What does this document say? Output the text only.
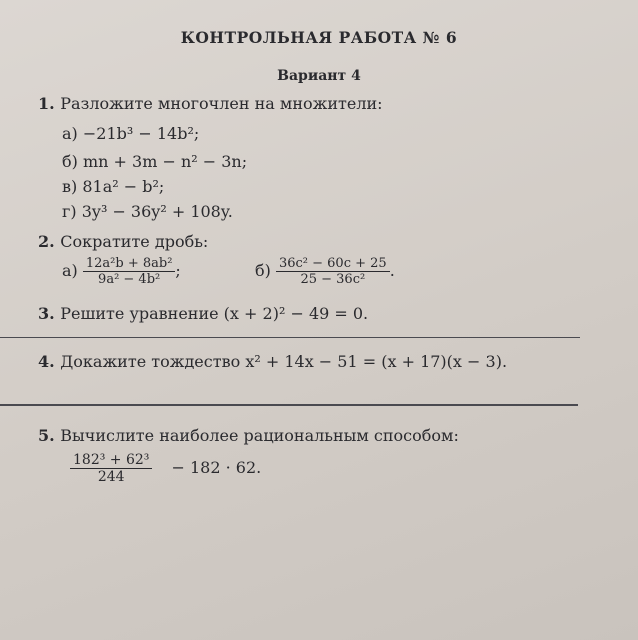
КОНТРОЛЬНАЯ РАБОТА № 6
Вариант 4
1. Разложите многочлен на множители:
а) −21b³ − 14b²;
б) mn + 3m − n² − 3n;
в) 81a² − b²;
г) 3y³ − 36y² + 108y.
2. Сократите дробь:
$а) \frac{\text{12a²b + 8ab²}}{\text{9a² − 4b²}}$ ;	$б) \frac{\text{36c² − 60c + 25}}{\text{25 − 36c²}}$ .
3. Решите уравнение (x + 2)² − 49 = 0.
4. Докажите тождество x² + 14x − 51 = (x + 17)(x − 3).
5. Вычислите наиболее рациональным способом:
$\frac{\text{182³ + 62³}}{244} - 182 \cdot 62$.
